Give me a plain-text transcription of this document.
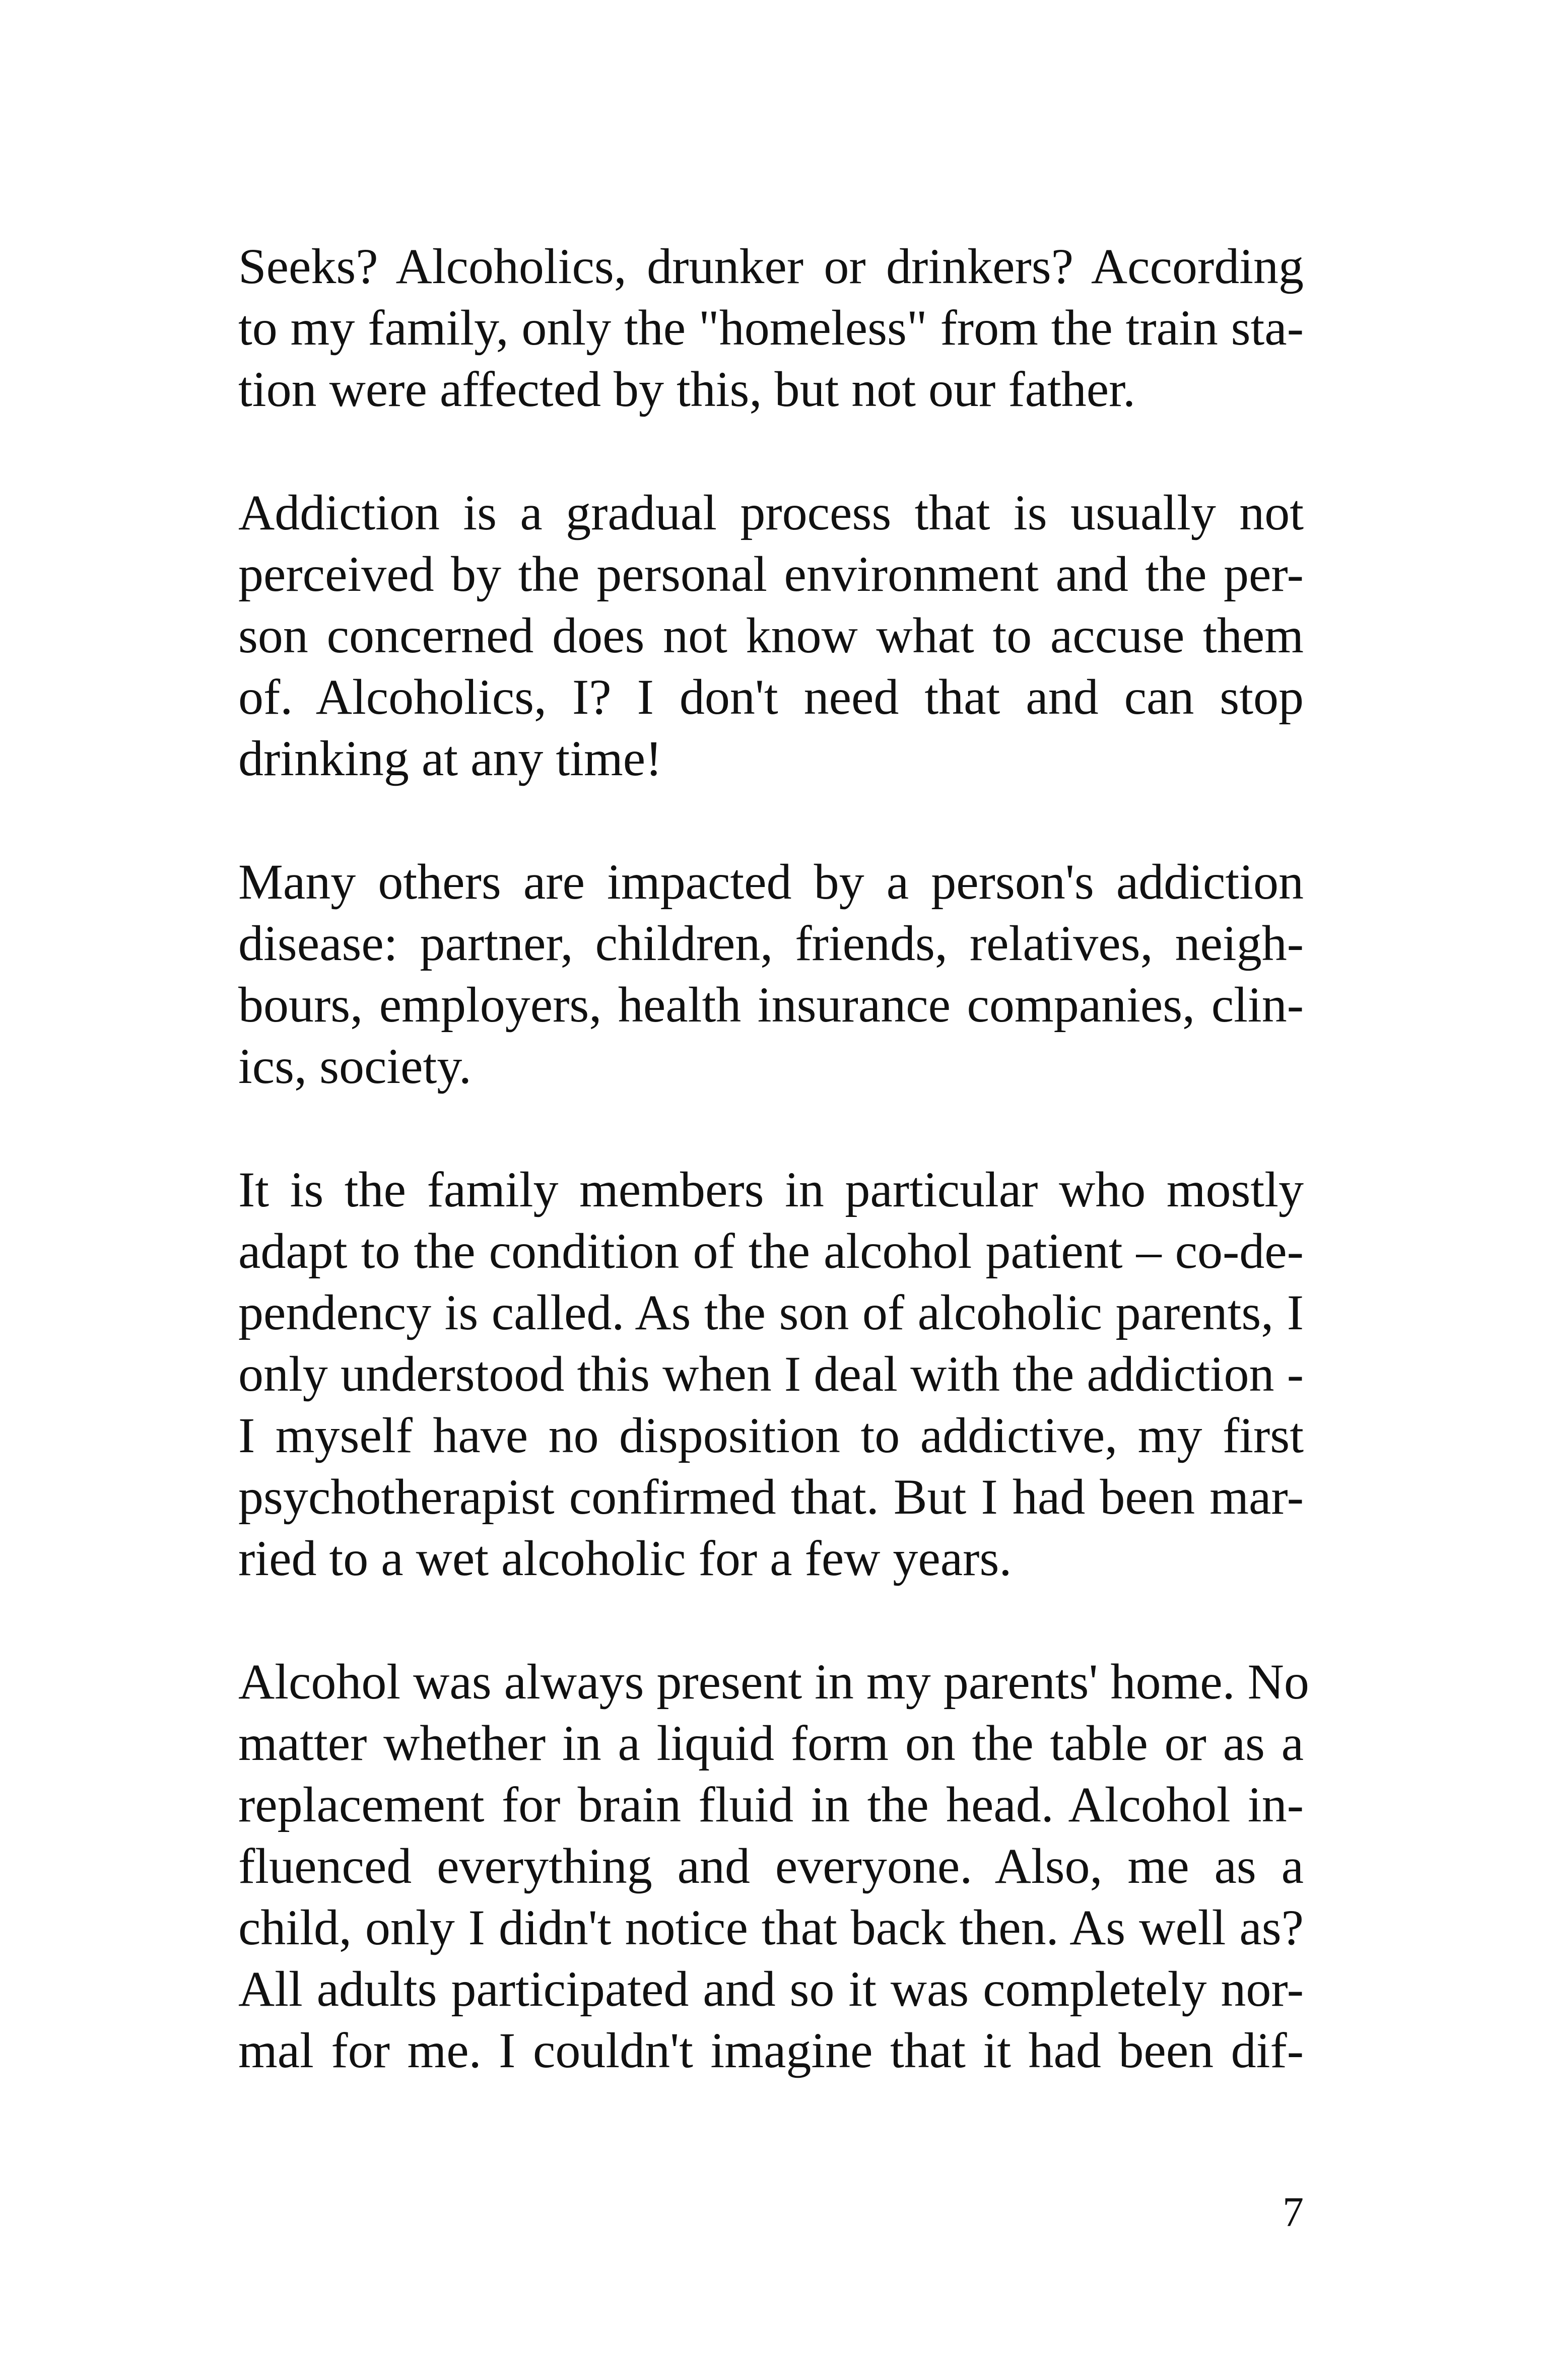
Seeks? Alcoholics, drunker or drinkers? According
to my family, only the "homeless" from the train sta-
tion were affected by this, but not our father.
Addiction is a gradual process that is usually not
perceived by the personal environment and the per-
son concerned does not know what to accuse them
of. Alcoholics, I? I don't need that and can stop
drinking at any time!
Many others are impacted by a person's addiction
disease: partner, children, friends, relatives, neigh-
bours, employers, health insurance companies, clin-
ics, society.
It is the family members in particular who mostly
adapt to the condition of the alcohol patient – co-de-
pendency is called. As the son of alcoholic parents, I
only understood this when I deal with the addiction -
I myself have no disposition to addictive, my first
psychotherapist confirmed that. But I had been mar-
ried to a wet alcoholic for a few years.
Alcohol was always present in my parents' home. No
matter whether in a liquid form on the table or as a
replacement for brain fluid in the head. Alcohol in-
fluenced everything and everyone. Also, me as a
child, only I didn't notice that back then. As well as?
All adults participated and so it was completely nor-
mal for me. I couldn't imagine that it had been dif-
7
